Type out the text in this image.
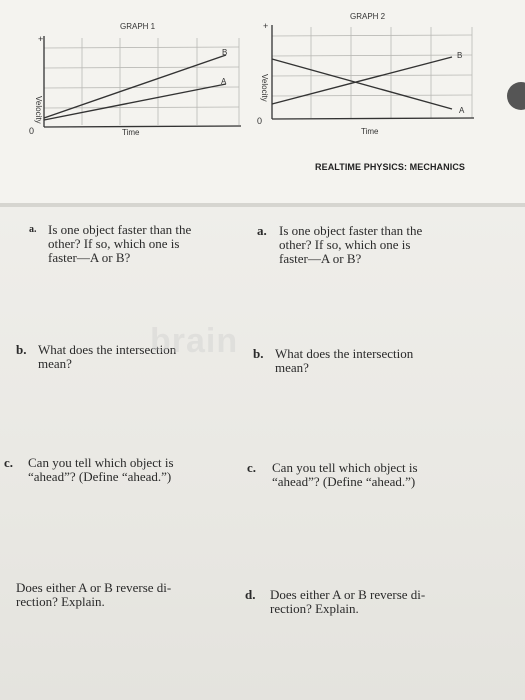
GRAPH 1
+
0
Velocity
Time
B
A
GRAPH 2
+
0
Velocity
Time
B
A
REALTIME PHYSICS: MECHANICS
a. Is one object faster than the
other? If so, which one is
faster—A or B?
b. What does the intersection
mean?
c. Can you tell which object is
“ahead”? (Define “ahead.”)
Does either A or B reverse di-
rection? Explain.
brain
a. Is one object faster than the
other? If so, which one is
faster—A or B?
b. What does the intersection
mean?
c. Can you tell which object is
“ahead”? (Define “ahead.”)
d. Does either A or B reverse di-
rection? Explain.
